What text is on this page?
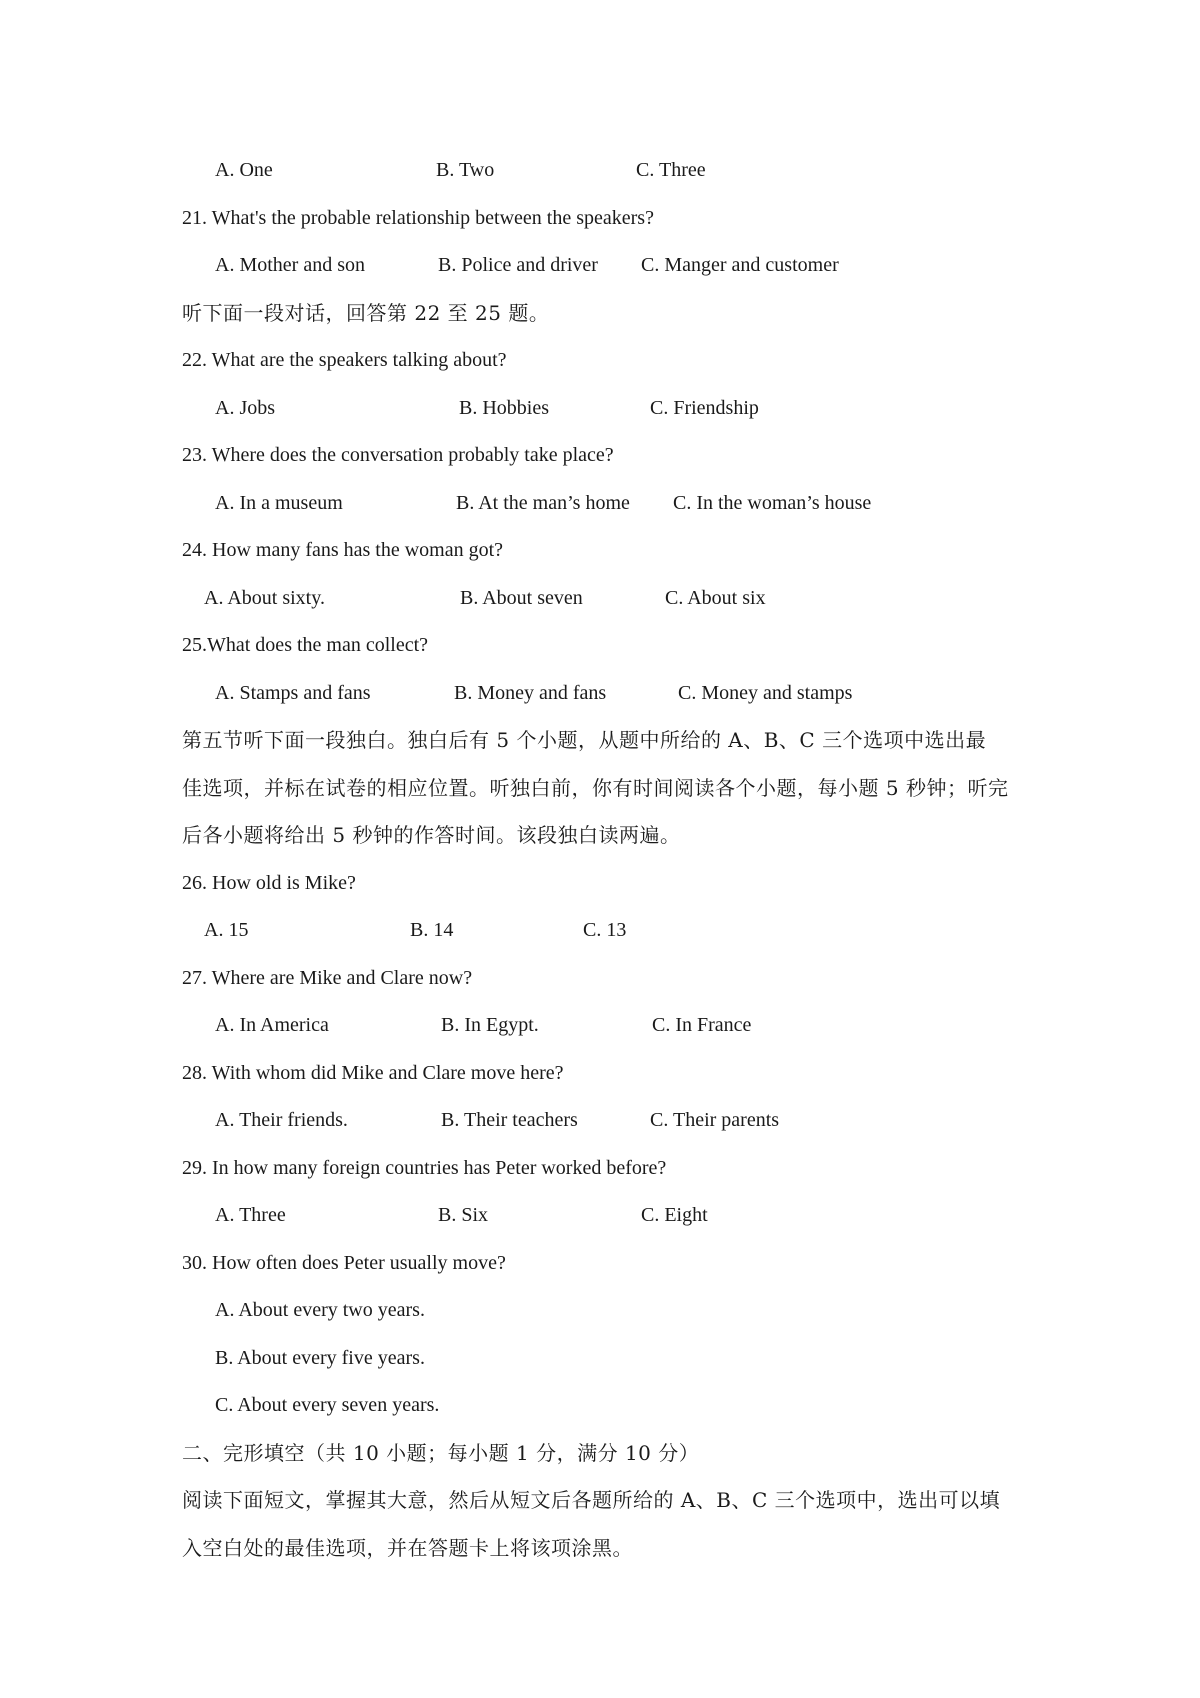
A. One	B. Two	C. Three
21. What's the probable relationship between the speakers?
A. Mother and son	B. Police and driver C. Manger and customer
听下面一段对话，回答第 22 至 25 题。
22. What are the speakers talking about?
A. Jobs	B. Hobbies	C. Friendship
23. Where does the conversation probably take place?
A. In a museum	B. At the man’s home C. In the woman’s house
24. How many fans has the woman got?
A. About sixty.	B. About seven	C. About six
25.What does the man collect?
A. Stamps and fans	B. Money and fans	C. Money and stamps
第五节听下面一段独白。独白后有 5 个小题，从题中所给的 A、B、C 三个选项中选出最
佳选项，并标在试卷的相应位置。听独白前，你有时间阅读各个小题，每小题 5 秒钟；听完
后各小题将给出 5 秒钟的作答时间。该段独白读两遍。
26. How old is Mike?
A. 15	B. 14	C. 13
27. Where are Mike and Clare now?
A. In America	B. In Egypt.	C. In France
28. With whom did Mike and Clare move here?
A. Their friends.	B. Their teachers	C. Their parents
29. In how many foreign countries has Peter worked before?
A. Three	B. Six	C. Eight
30. How often does Peter usually move?
A. About every two years.
B. About every five years.
C. About every seven years.
二、完形填空（共 10 小题；每小题 1 分，满分 10 分）
阅读下面短文，掌握其大意，然后从短文后各题所给的 A、B、C 三个选项中，选出可以填
入空白处的最佳选项，并在答题卡上将该项涂黑。
